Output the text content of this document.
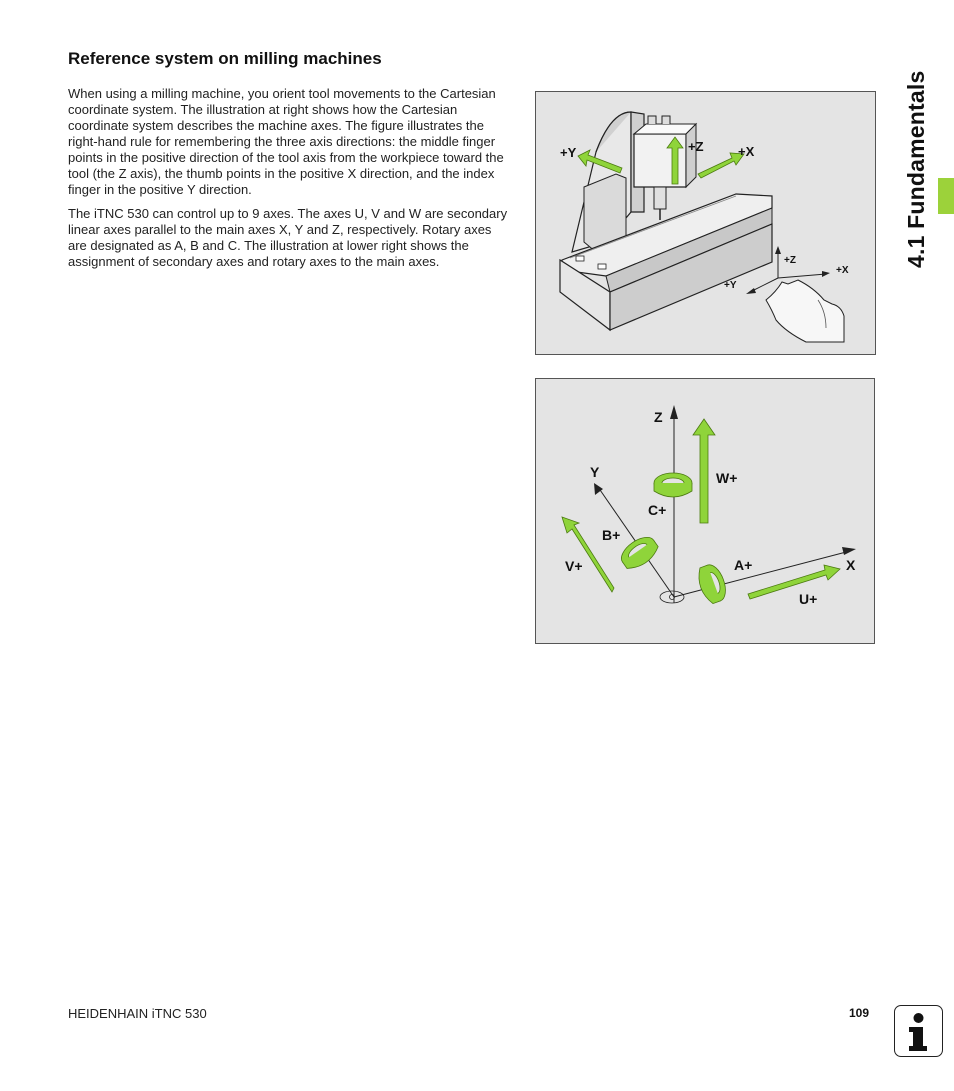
Reference system on milling machines

When using a milling machine, you orient tool movements to the Cartesian coordinate system. The illustration at right shows how the Cartesian coordinate system describes the machine axes. The figure illustrates the right-hand rule for remembering the three axis directions: the middle finger points in the positive direction of the tool axis from the workpiece toward the tool (the Z axis), the thumb points in the positive X direction, and the index finger in the positive Y direction.

The iTNC 530 can control up to 9 axes. The axes U, V and W are secondary linear axes parallel to the main axes X, Y and Z, respectively. Rotary axes are designated as A, B and C. The illustration at lower right shows the assignment of secondary axes and rotary axes to the main axes.

+Y	+Z	+X
+Z
+X
+Y
Z
Y
X
W+
C+
B+
V+	A+
U+
4.1 Fundamentals
HEIDENHAIN iTNC 530	109
